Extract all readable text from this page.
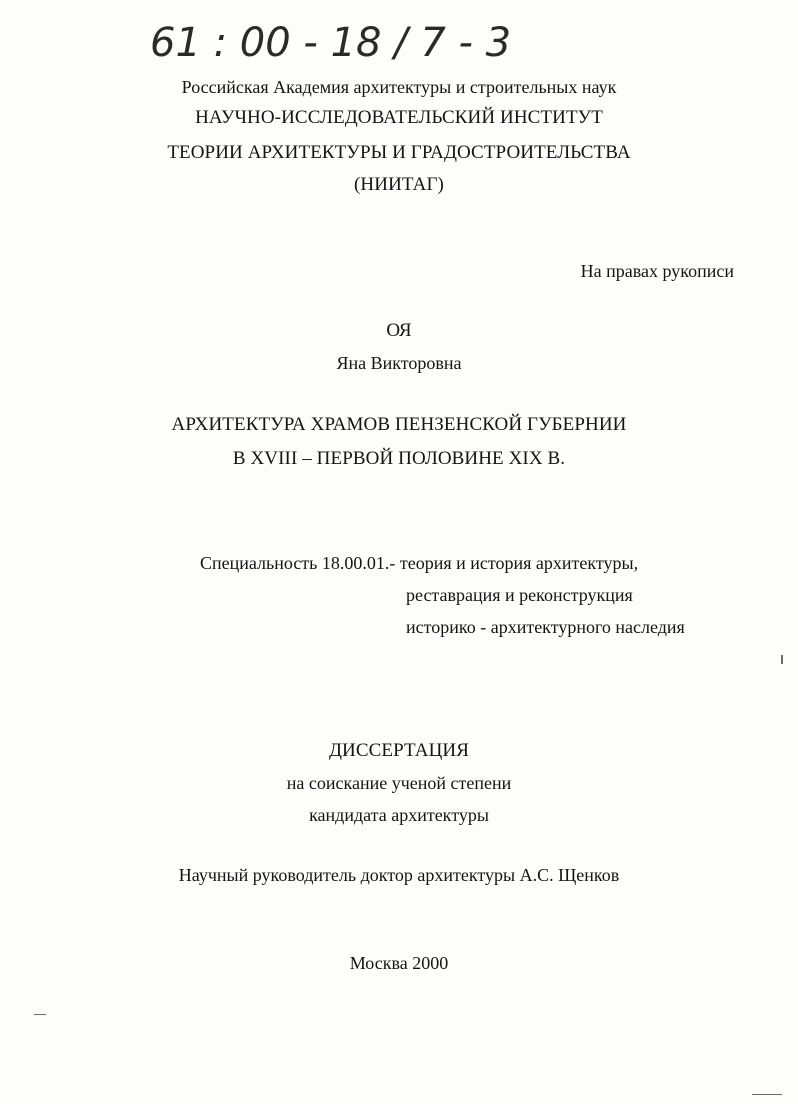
61 : 00 - 18 / 7 - 3
Российская Академия архитектуры и строительных наук
НАУЧНО-ИССЛЕДОВАТЕЛЬСКИЙ ИНСТИТУТ
ТЕОРИИ АРХИТЕКТУРЫ И ГРАДОСТРОИТЕЛЬСТВА
(НИИТАГ)
На правах рукописи
ОЯ
Яна Викторовна
АРХИТЕКТУРА ХРАМОВ ПЕНЗЕНСКОЙ ГУБЕРНИИ
В XVIII – ПЕРВОЙ ПОЛОВИНЕ XIX В.
Специальность 18.00.01.- теория и история архитектуры,
реставрация и реконструкция
историко - архитектурного наследия
ДИССЕРТАЦИЯ
на соискание ученой степени
кандидата архитектуры
Научный руководитель доктор архитектуры А.С. Щенков
Москва 2000
